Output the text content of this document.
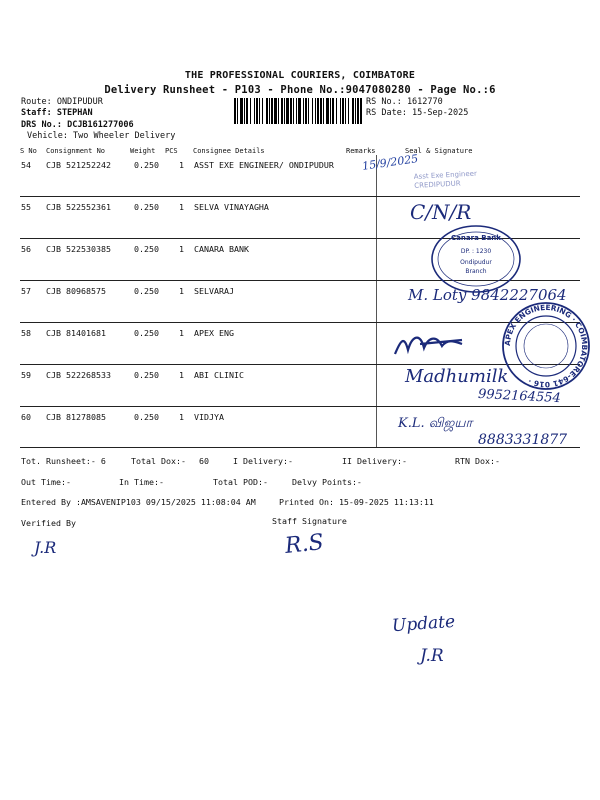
THE PROFESSIONAL COURIERS, COIMBATORE
Delivery Runsheet - P103 - Phone No.:9047080280 - Page No.:6
Route: ONDIPUDUR
Staff: STEPHAN
DRS No.: DCJB161277006
Vehicle: Two Wheeler Delivery
RS No.: 1612770
RS Date: 15-Sep-2025
S No Consignment No	Weight PCS Consignee Details	Remarks	Seal & Signature
54 CJB 521252242	0.250 1 ASST EXE ENGINEER/ ONDIPUDUR
55 CJB 522552361	0.250 1 SELVA VINAYAGHA
56 CJB 522530385	0.250 1 CANARA BANK
57 CJB 80968575	0.250 1 SELVARAJ
58 CJB 81401681	0.250 1 APEX ENG
59 CJB 522268533	0.250 1 ABI CLINIC
60 CJB 81278085	0.250 1 VIDJYA
15/9/2025
Asst Exe Engineer CREDIPUDUR
C/N/R
Canara Bank
DP. : 1230
Ondipudur
Branch
M. Loty 9842227064
APEX ENGINEERING · COIMBATORE-641 016 ·
Madhumilk
9952164554
K.L. விஜயா
8883331877
Tot. Runsheet:- 6	Total Dox:- 60	I Delivery:-	II Delivery:-	RTN Dox:-
Out Time:-	In Time:-	Total POD:-	Delvy Points:-
Entered By :AMSAVENIP103 09/15/2025 11:08:04 AM	Printed On: 15-09-2025 11:13:11
Verified By	Staff Signature
J.R	R.S
Update
J.R
